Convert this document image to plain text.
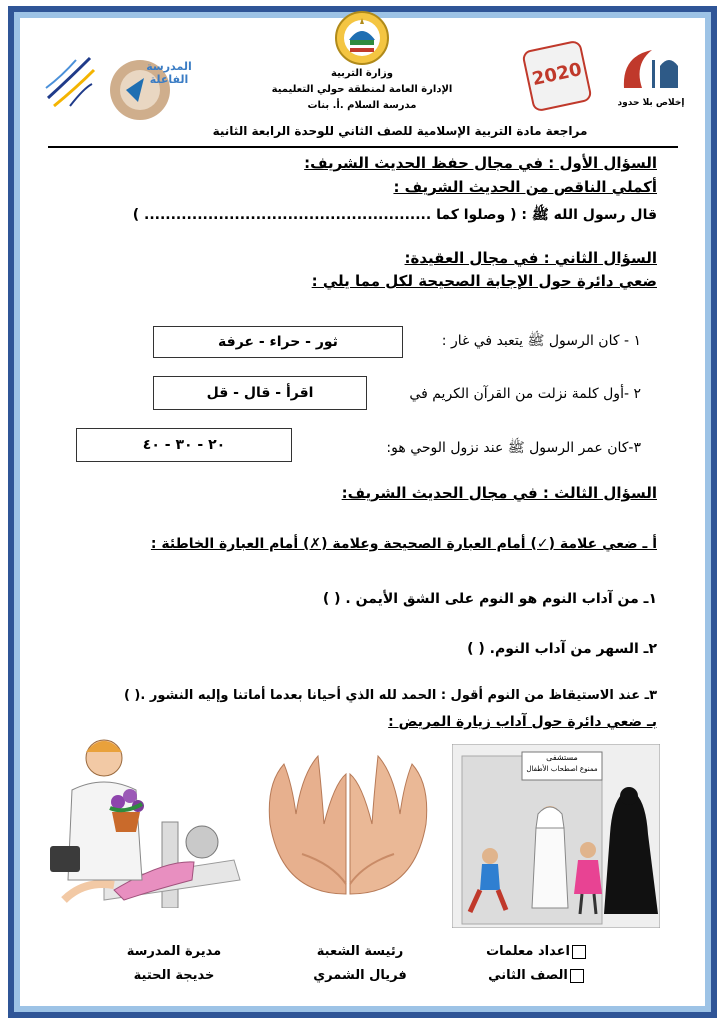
وزارة التربية
الإدارة العامة لمنطقة حولي التعليمية
مدرسة السلام .أ. بنات
المدرسة الفاعلة	2020
إخلاص بلا حدود
مراجعة مادة التربية الإسلامية للصف الثاني للوحدة الرابعة الثانية
السؤال الأول : في مجال حفظ الحديث الشريف:
أكملي الناقص من الحديث الشريف :
قال رسول الله ﷺ : ( وصلوا كما ...................................................... )
السؤال الثاني : في مجال العقيدة:
ضعي دائرة حول الإجابة الصحيحة لكل مما يلي :
١ - كان الرسول ﷺ يتعبد في غار :
ثور - حراء - عرفة
٢ -أول كلمة نزلت من القرآن الكريم في
اقرأ - قال - قل
٣-كان عمر الرسول ﷺ عند نزول الوحي هو:
٢٠ - ٣٠ - ٤٠
السؤال الثالث : في مجال الحديث الشريف:
أ ـ ضعي علامة (✓) أمام العبارة الصحيحة وعلامة (✗) أمام العبارة الخاطئة :
١ـ من آداب النوم هو النوم على الشق الأيمن . ( )
٢ـ السهر من آداب النوم. ( )
٣ـ عند الاستيقاظ من النوم أقول : الحمد لله الذي أحيانا بعدما أماتنا وإليه النشور .( )
بـ ضعي دائرة حول آداب زيارة المريض :
مستشفى
ممنوع اصطحاب الأطفال
اعداد معلمات
الصف الثاني
رئيسة الشعبة
فريال الشمري
مديرة المدرسة
خديجة الحتية
